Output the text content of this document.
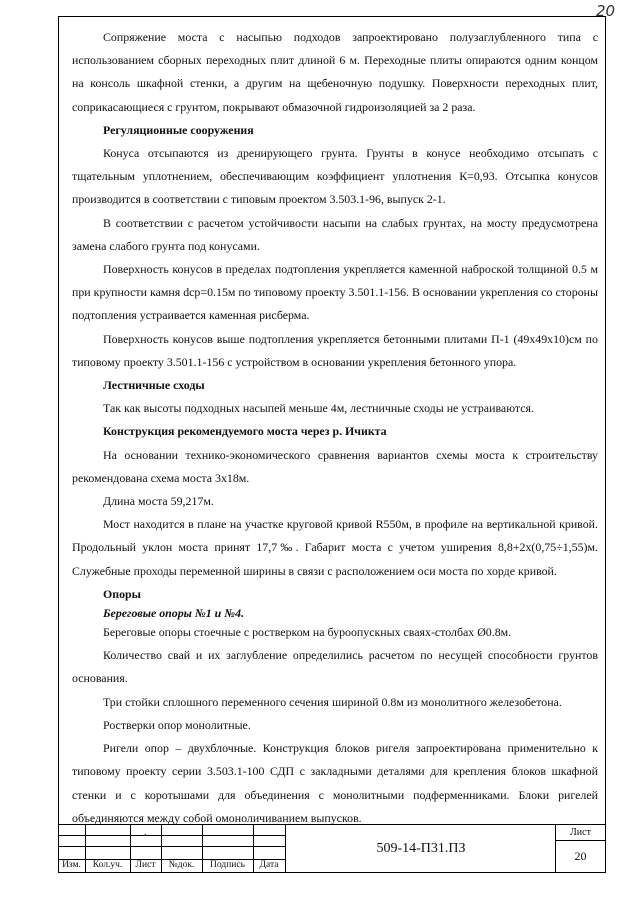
20

Сопряжение моста с насыпью подходов запроектировано полузаглубленного типа с использованием сборных переходных плит длиной 6 м. Переходные плиты опираются одним концом на консоль шкафной стенки, а другим на щебеночную подушку. Поверхности переходных плит, соприкасающиеся с грунтом, покрывают обмазочной гидроизоляцией за 2 раза.

Регуляционные сооружения

Конуса отсыпаются из дренирующего грунта. Грунты в конусе необходимо отсыпать с тщательным уплотнением, обеспечивающим коэффициент уплотнения К=0,93. Отсыпка конусов производится в соответствии с типовым проектом 3.503.1-96, выпуск 2-1.

В соответствии с расчетом устойчивости насыпи на слабых грунтах, на мосту предусмотрена замена слабого грунта под конусами.

Поверхность конусов в пределах подтопления укрепляется каменной наброской толщиной 0.5 м при крупности камня dср=0.15м по типовому проекту 3.501.1-156. В основании укрепления со стороны подтопления устраивается каменная рисберма.

Поверхность конусов выше подтопления укрепляется бетонными плитами П-1 (49х49х10)см по типовому проекту 3.501.1-156 с устройством в основании укрепления бетонного упора.

Лестничные сходы

Так как высоты подходных насыпей меньше 4м, лестничные сходы не устраиваются.

Конструкция рекомендуемого моста через р. Ичикта

На основании технико-экономического сравнения вариантов схемы моста к строительству рекомендована схема моста 3х18м.

Длина моста 59,217м.

Мост находится в плане на участке круговой кривой R550м, в профиле на вертикальной кривой. Продольный уклон моста принят 17,7‰. Габарит моста с учетом уширения 8,8+2х(0,75÷1,55)м. Служебные проходы переменной ширины в связи с расположением оси моста по хорде кривой.

Опоры
Береговые опоры №1 и №4.

Береговые опоры стоечные с ростверком на буроопускных сваях-столбах Ø0.8м.

Количество свай и их заглубление определились расчетом по несущей способности грунтов основания.

Три стойки сплошного переменного сечения шириной 0.8м из монолитного железобетона.

Ростверки опор монолитные.

Ригели опор – двухблочные. Конструкция блоков ригеля запроектирована применительно к типовому проекту серии 3.503.1-100 СДП с закладными деталями для крепления блоков шкафной стенки и с коротышами для объединения с монолитными подферменниками. Блоки ригелей объединяются между собой омоноличиванием выпусков.

.
Изм.	Кол.уч.	Лист	№док.	Подпись	Дата
509-14-П31.ПЗ
Лист
20
